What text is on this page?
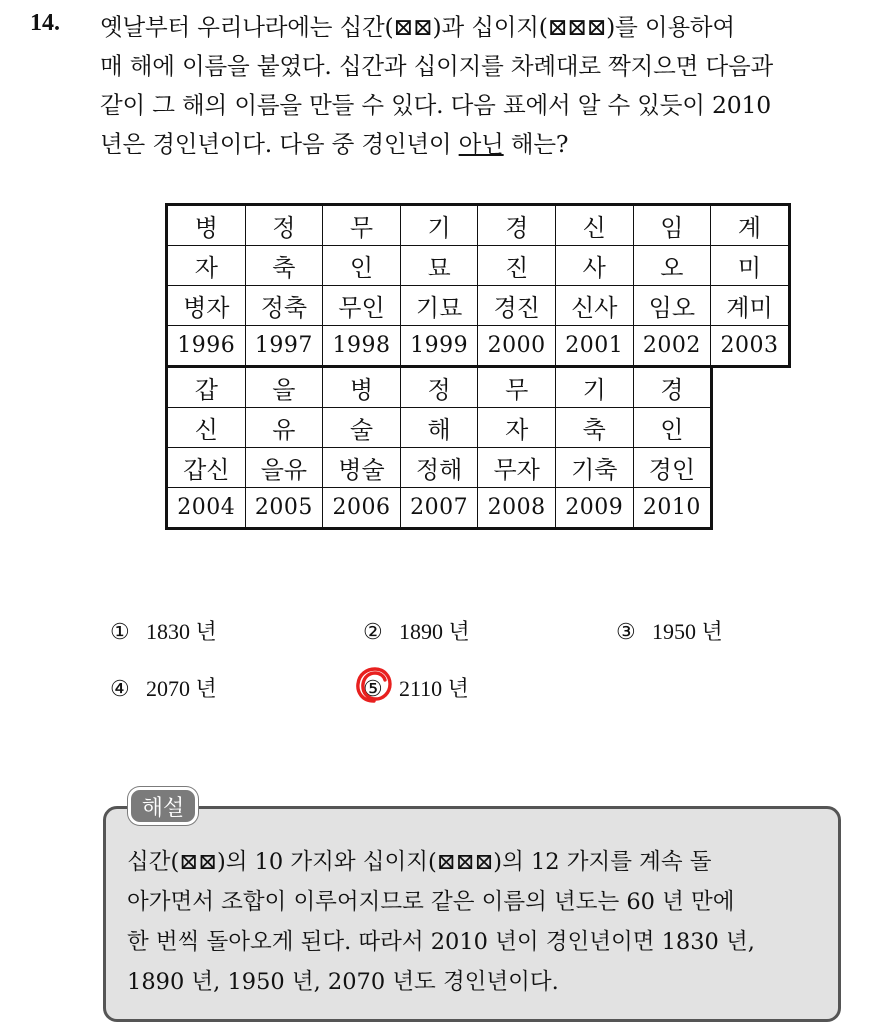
14. 옛날부터 우리나라에는 십간(⊠⊠)과 십이지(⊠⊠⊠)를 이용하여
매 해에 이름을 붙였다. 십간과 십이지를 차례대로 짝지으면 다음과
같이 그 해의 이름을 만들 수 있다. 다음 표에서 알 수 있듯이 2010
년은 경인년이다. 다음 중 경인년이 아닌 해는?
병	정	무	기	경	신	임	계
자	축	인	묘	진	사	오	미
병자	정축	무인	기묘	경진	신사	임오	계미
1996	1997	1998	1999	2000	2001	2002	2003
갑	을	병	정	무	기	경
신	유	술	해	자	축	인
갑신	을유	병술	정해	무자	기축	경인
2004	2005	2006	2007	2008	2009	2010
① 1830 년	② 1890 년	③ 1950 년
④ 2070 년	⑤ 2110 년
해설
십간(⊠⊠)의 10 가지와 십이지(⊠⊠⊠)의 12 가지를 계속 돌
아가면서 조합이 이루어지므로 같은 이름의 년도는 60 년 만에
한 번씩 돌아오게 된다. 따라서 2010 년이 경인년이면 1830 년,
1890 년, 1950 년, 2070 년도 경인년이다.
